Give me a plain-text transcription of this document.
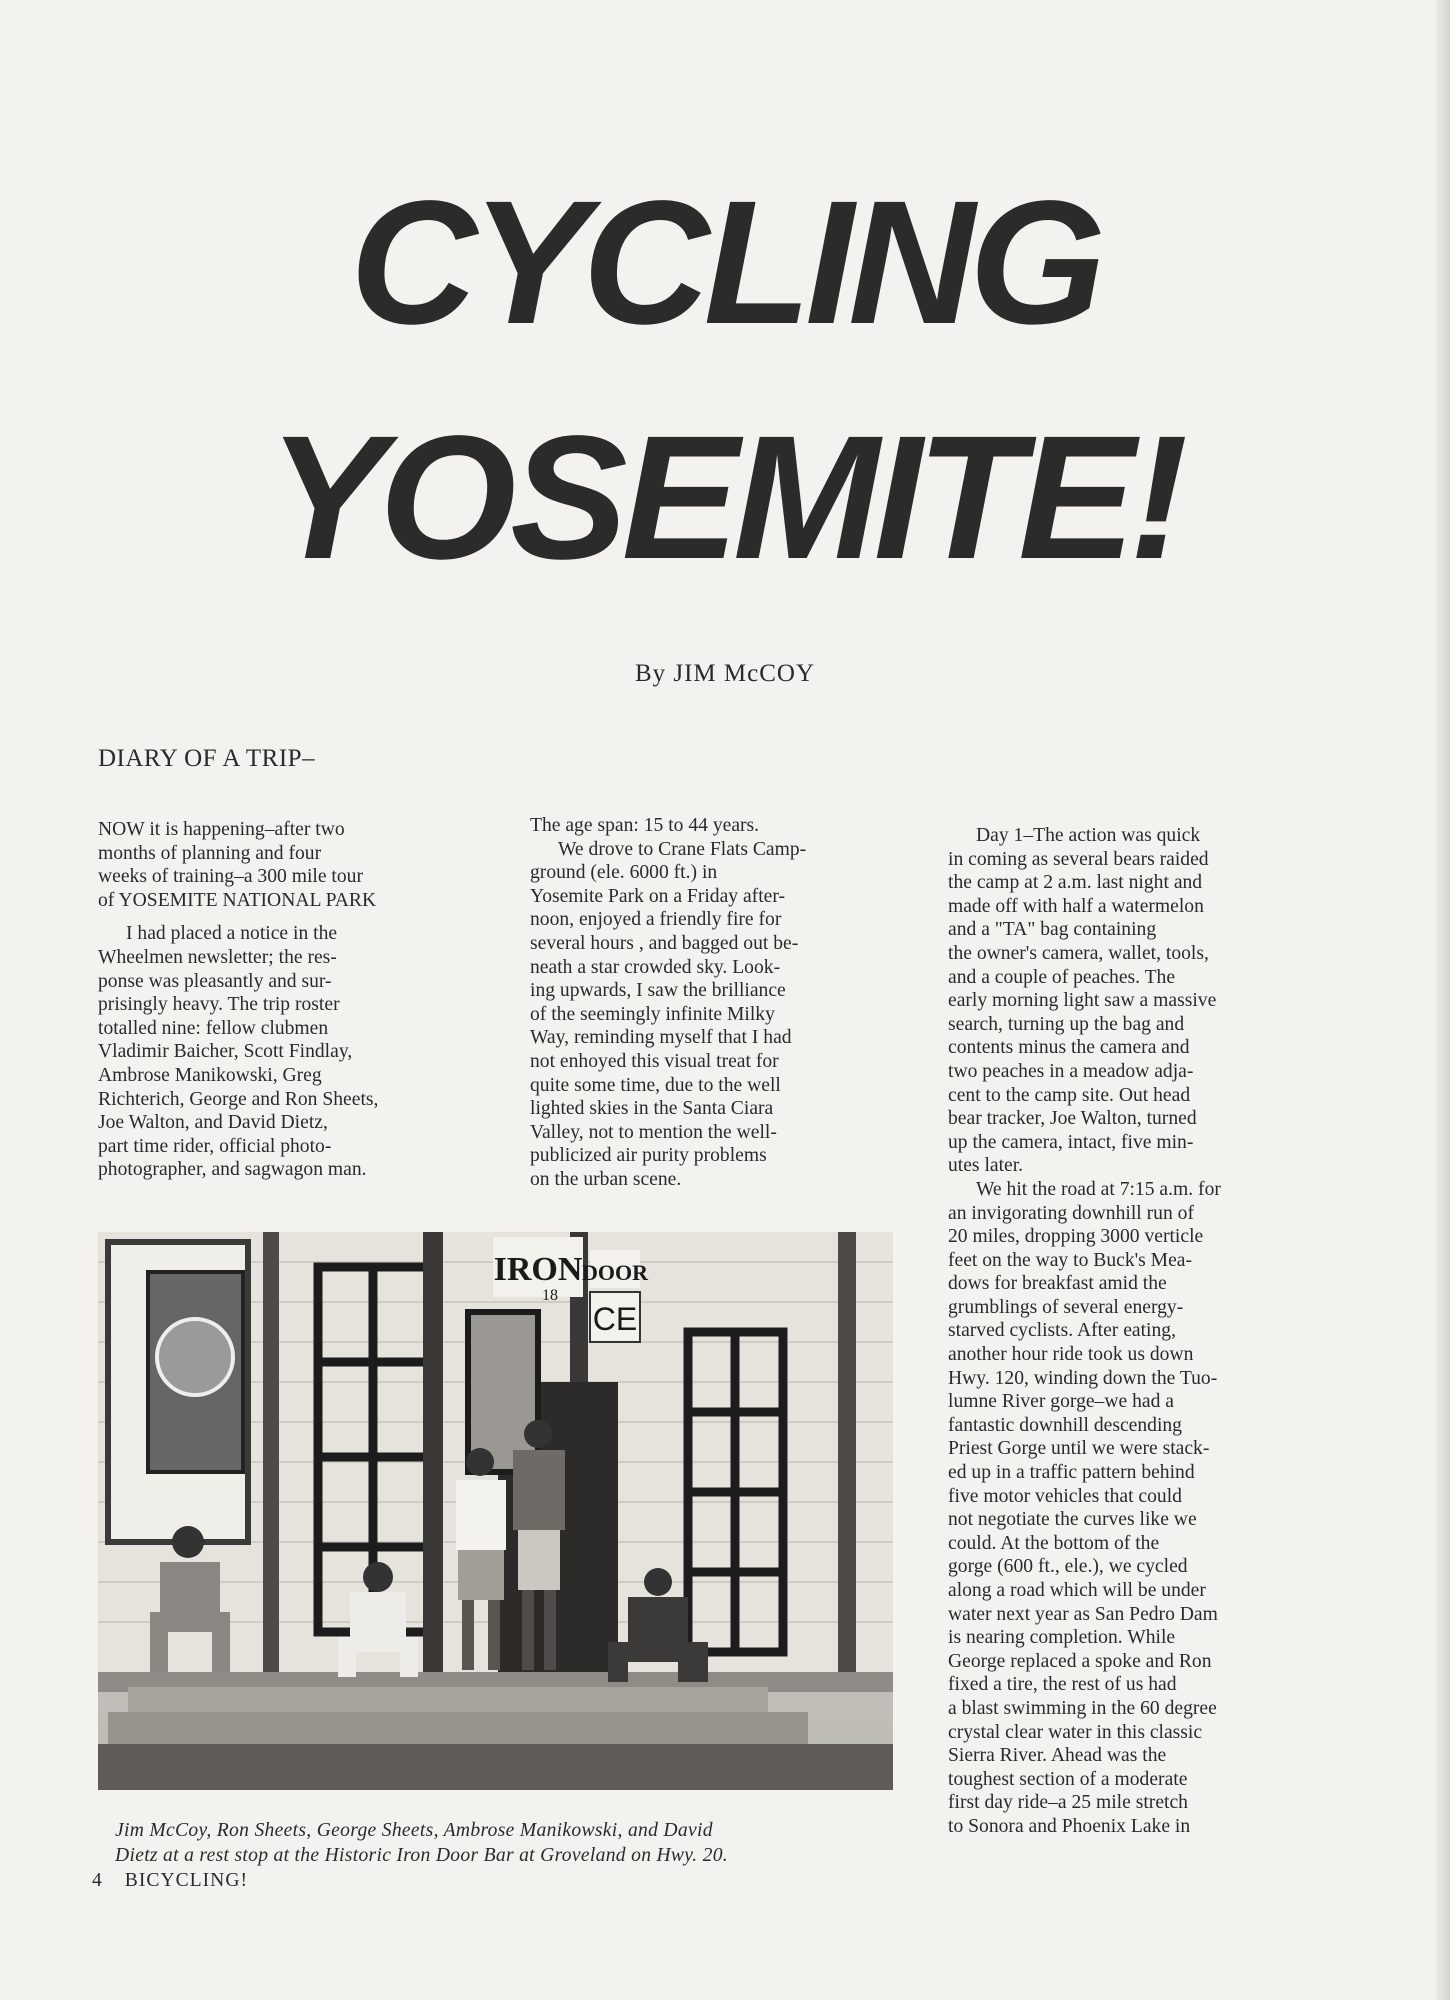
CYCLING
YOSEMITE!
By JIM McCOY
DIARY OF A TRIP–

NOW it is happening–after two
months of planning and four
weeks of training–a 300 mile tour
of YOSEMITE NATIONAL PARK

I had placed a notice in the
Wheelmen newsletter; the res-
ponse was pleasantly and sur-
prisingly heavy. The trip roster
totalled nine: fellow clubmen
Vladimir Baicher, Scott Findlay,
Ambrose Manikowski, Greg
Richterich, George and Ron Sheets,
Joe Walton, and David Dietz,
part time rider, official photo-
photographer, and sagwagon man.

The age span: 15 to 44 years.

We drove to Crane Flats Camp-
ground (ele. 6000 ft.) in
Yosemite Park on a Friday after-
noon, enjoyed a friendly fire for
several hours , and bagged out be-
neath a star crowded sky. Look-
ing upwards, I saw the brilliance
of the seemingly infinite Milky
Way, reminding myself that I had
not enhoyed this visual treat for
quite some time, due to the well
lighted skies in the Santa Ciara
Valley, not to mention the well-
publicized air purity problems
on the urban scene.

Day 1–The action was quick
in coming as several bears raided
the camp at 2 a.m. last night and
made off with half a watermelon
and a "TA" bag containing
the owner's camera, wallet, tools,
and a couple of peaches. The
early morning light saw a massive
search, turning up the bag and
contents minus the camera and
two peaches in a meadow adja-
cent to the camp site. Out head
bear tracker, Joe Walton, turned
up the camera, intact, five min-
utes later.

We hit the road at 7:15 a.m. for
an invigorating downhill run of
20 miles, dropping 3000 verticle
feet on the way to Buck's Mea-
dows for breakfast amid the
grumblings of several energy-
starved cyclists. After eating,
another hour ride took us down
Hwy. 120, winding down the Tuo-
lumne River gorge–we had a
fantastic downhill descending
Priest Gorge until we were stack-
ed up in a traffic pattern behind
five motor vehicles that could
not negotiate the curves like we
could. At the bottom of the
gorge (600 ft., ele.), we cycled
along a road which will be under
water next year as San Pedro Dam
is nearing completion. While
George replaced a spoke and Ron
fixed a tire, the rest of us had
a blast swimming in the 60 degree
crystal clear water in this classic
Sierra River. Ahead was the
toughest section of a moderate
first day ride–a 25 mile stretch
to Sonora and Phoenix Lake in

IRON
18
DOOR
CE
Jim McCoy, Ron Sheets, George Sheets, Ambrose Manikowski, and David
Dietz at a rest stop at the Historic Iron Door Bar at Groveland on Hwy. 20.
4 BICYCLING!
